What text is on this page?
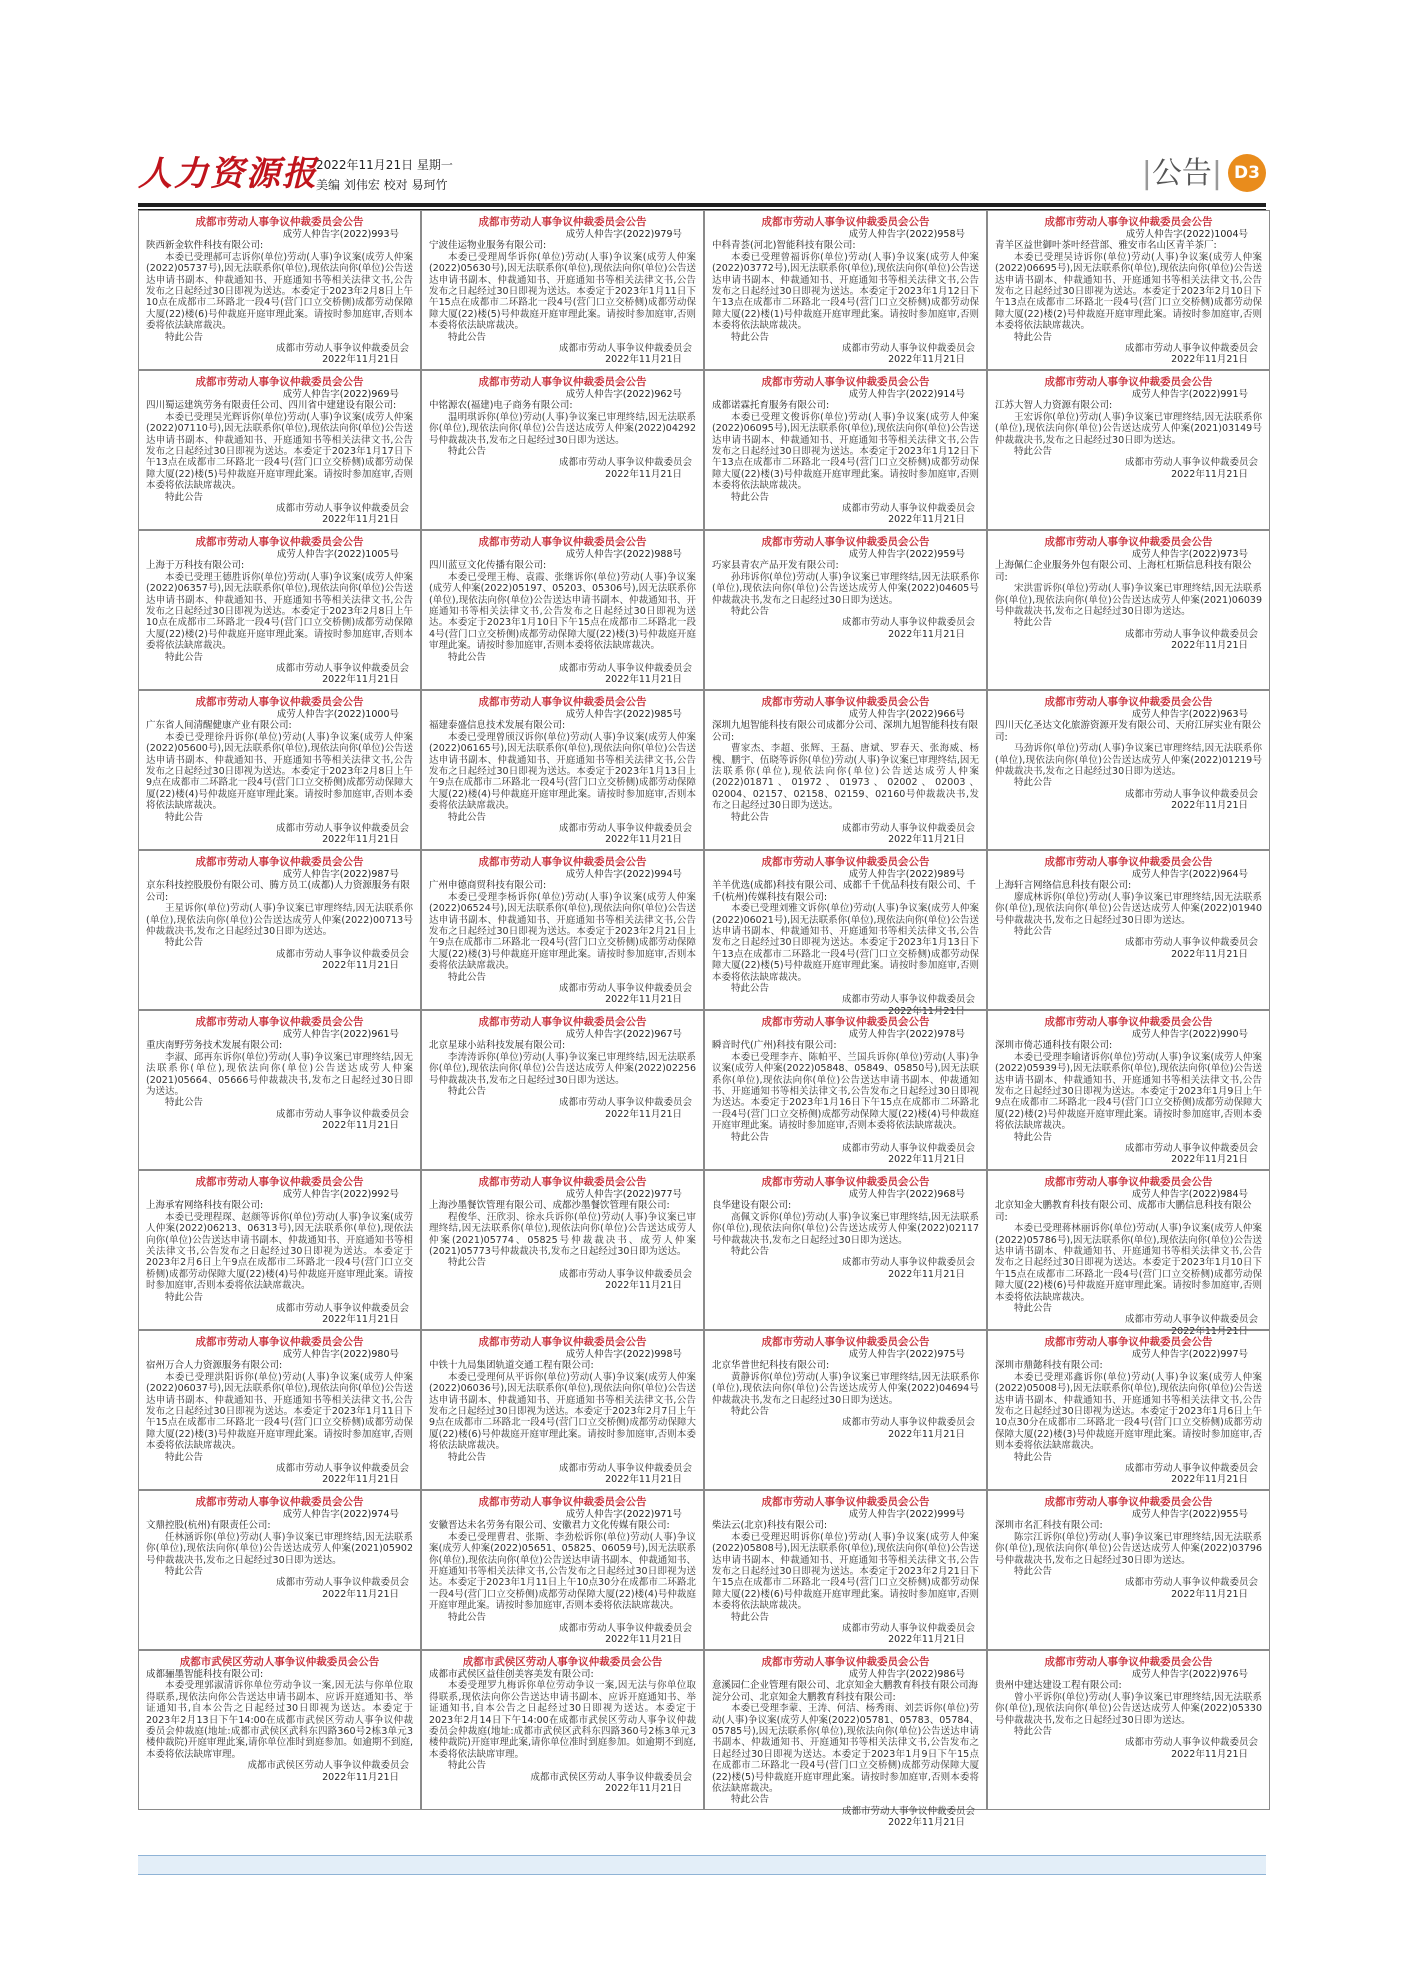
人力资源报
2022年11月21日 星期一
美编 刘伟宏 校对 易珂竹	|公告| D3
成都市劳动人事争议仲裁委员会公告
成劳人仲告字(2022)993号
陕西新金软件科技有限公司:
本委已受理郝可志诉你(单位)劳动(人事)争议案(成劳人仲案(2022)05737号),因无法联系你(单位),现依法向你(单位)公告送达申请书副本、仲裁通知书、开庭通知书等相关法律文书,公告发布之日起经过30日即视为送达。本委定于2023年2月8日上午10点在成都市二环路北一段4号(营门口立交桥侧)成都劳动保障大厦(22)楼(6)号仲裁庭开庭审理此案。请按时参加庭审,否则本委将依法缺席裁决。
特此公告
成都市劳动人事争议仲裁委员会
2022年11月21日
成都市劳动人事争议仲裁委员会公告
成劳人仲告字(2022)979号
宁波佳运物业服务有限公司:
本委已受理周华诉你(单位)劳动(人事)争议案(成劳人仲案(2022)05630号),因无法联系你(单位),现依法向你(单位)公告送达申请书副本、仲裁通知书、开庭通知书等相关法律文书,公告发布之日起经过30日即视为送达。本委定于2023年1月11日下午15点在成都市二环路北一段4号(营门口立交桥侧)成都劳动保障大厦(22)楼(5)号仲裁庭开庭审理此案。请按时参加庭审,否则本委将依法缺席裁决。
特此公告
成都市劳动人事争议仲裁委员会
2022年11月21日
成都市劳动人事争议仲裁委员会公告
成劳人仲告字(2022)958号
中科青荟(河北)智能科技有限公司:
本委已受理曾福诉你(单位)劳动(人事)争议案(成劳人仲案(2022)03772号),因无法联系你(单位),现依法向你(单位)公告送达申请书副本、仲裁通知书、开庭通知书等相关法律文书,公告发布之日起经过30日即视为送达。本委定于2023年1月12日下午13点在成都市二环路北一段4号(营门口立交桥侧)成都劳动保障大厦(22)楼(1)号仲裁庭开庭审理此案。请按时参加庭审,否则本委将依法缺席裁决。
特此公告
成都市劳动人事争议仲裁委员会
2022年11月21日
成都市劳动人事争议仲裁委员会公告
成劳人仲告字(2022)1004号
青羊区益世御叶茶叶经营部、雅安市名山区青羊茶厂:
本委已受理吴诗诉你(单位)劳动(人事)争议案(成劳人仲案(2022)06695号),因无法联系你(单位),现依法向你(单位)公告送达申请书副本、仲裁通知书、开庭通知书等相关法律文书,公告发布之日起经过30日即视为送达。本委定于2023年2月10日下午13点在成都市二环路北一段4号(营门口立交桥侧)成都劳动保障大厦(22)楼(2)号仲裁庭开庭审理此案。请按时参加庭审,否则本委将依法缺席裁决。
特此公告
成都市劳动人事争议仲裁委员会
2022年11月21日
成都市劳动人事争议仲裁委员会公告
成劳人仲告字(2022)969号
四川蜀运建筑劳务有限责任公司、四川省中建建设有限公司:
本委已受理吴光辉诉你(单位)劳动(人事)争议案(成劳人仲案(2022)07110号),因无法联系你(单位),现依法向你(单位)公告送达申请书副本、仲裁通知书、开庭通知书等相关法律文书,公告发布之日起经过30日即视为送达。本委定于2023年1月17日下午13点在成都市二环路北一段4号(营门口立交桥侧)成都劳动保障大厦(22)楼(5)号仲裁庭开庭审理此案。请按时参加庭审,否则本委将依法缺席裁决。
特此公告
成都市劳动人事争议仲裁委员会
2022年11月21日
成都市劳动人事争议仲裁委员会公告
成劳人仲告字(2022)962号
中铭源农(福建)电子商务有限公司:
温明琪诉你(单位)劳动(人事)争议案已审理终结,因无法联系你(单位),现依法向你(单位)公告送达成劳人仲案(2022)04292号仲裁裁决书,发布之日起经过30日即为送达。
特此公告
成都市劳动人事争议仲裁委员会
2022年11月21日
成都市劳动人事争议仲裁委员会公告
成劳人仲告字(2022)914号
成都诺霖托育服务有限公司:
本委已受理文俊诉你(单位)劳动(人事)争议案(成劳人仲案(2022)06095号),因无法联系你(单位),现依法向你(单位)公告送达申请书副本、仲裁通知书、开庭通知书等相关法律文书,公告发布之日起经过30日即视为送达。本委定于2023年1月12日下午13点在成都市二环路北一段4号(营门口立交桥侧)成都劳动保障大厦(22)楼(3)号仲裁庭开庭审理此案。请按时参加庭审,否则本委将依法缺席裁决。
特此公告
成都市劳动人事争议仲裁委员会
2022年11月21日
成都市劳动人事争议仲裁委员会公告
成劳人仲告字(2022)991号
江苏大智人力资源有限公司:
王宏诉你(单位)劳动(人事)争议案已审理终结,因无法联系你(单位),现依法向你(单位)公告送达成劳人仲案(2021)03149号仲裁裁决书,发布之日起经过30日即为送达。
特此公告
成都市劳动人事争议仲裁委员会
2022年11月21日
成都市劳动人事争议仲裁委员会公告
成劳人仲告字(2022)1005号
上海于万科技有限公司:
本委已受理王德胜诉你(单位)劳动(人事)争议案(成劳人仲案(2022)06357号),因无法联系你(单位),现依法向你(单位)公告送达申请书副本、仲裁通知书、开庭通知书等相关法律文书,公告发布之日起经过30日即视为送达。本委定于2023年2月8日上午10点在成都市二环路北一段4号(营门口立交桥侧)成都劳动保障大厦(22)楼(2)号仲裁庭开庭审理此案。请按时参加庭审,否则本委将依法缺席裁决。
特此公告
成都市劳动人事争议仲裁委员会
2022年11月21日
成都市劳动人事争议仲裁委员会公告
成劳人仲告字(2022)988号
四川蓝豆文化传播有限公司:
本委已受理王梅、袁霞、张继诉你(单位)劳动(人事)争议案(成劳人仲案(2022)05197、05203、05306号),因无法联系你(单位),现依法向你(单位)公告送达申请书副本、仲裁通知书、开庭通知书等相关法律文书,公告发布之日起经过30日即视为送达。本委定于2023年1月10日下午15点在成都市二环路北一段4号(营门口立交桥侧)成都劳动保障大厦(22)楼(3)号仲裁庭开庭审理此案。请按时参加庭审,否则本委将依法缺席裁决。
特此公告
成都市劳动人事争议仲裁委员会
2022年11月21日
成都市劳动人事争议仲裁委员会公告
成劳人仲告字(2022)959号
巧家县青农产品开发有限公司:
孙玮诉你(单位)劳动(人事)争议案已审理终结,因无法联系你(单位),现依法向你(单位)公告送达成劳人仲案(2022)04605号仲裁裁决书,发布之日起经过30日即为送达。
特此公告
成都市劳动人事争议仲裁委员会
2022年11月21日
成都市劳动人事争议仲裁委员会公告
成劳人仲告字(2022)973号
上海佩仁企业服务外包有限公司、上海杠杠斯信息科技有限公司:
宋洪雷诉你(单位)劳动(人事)争议案已审理终结,因无法联系你(单位),现依法向你(单位)公告送达成劳人仲案(2021)06039号仲裁裁决书,发布之日起经过30日即为送达。
特此公告
成都市劳动人事争议仲裁委员会
2022年11月21日
成都市劳动人事争议仲裁委员会公告
成劳人仲告字(2022)1000号
广东省人间清醒健康产业有限公司:
本委已受理徐丹诉你(单位)劳动(人事)争议案(成劳人仲案(2022)05600号),因无法联系你(单位),现依法向你(单位)公告送达申请书副本、仲裁通知书、开庭通知书等相关法律文书,公告发布之日起经过30日即视为送达。本委定于2023年2月8日上午9点在成都市二环路北一段4号(营门口立交桥侧)成都劳动保障大厦(22)楼(4)号仲裁庭开庭审理此案。请按时参加庭审,否则本委将依法缺席裁决。
特此公告
成都市劳动人事争议仲裁委员会
2022年11月21日
成都市劳动人事争议仲裁委员会公告
成劳人仲告字(2022)985号
福建泰盛信息技术发展有限公司:
本委已受理曾颀汉诉你(单位)劳动(人事)争议案(成劳人仲案(2022)06165号),因无法联系你(单位),现依法向你(单位)公告送达申请书副本、仲裁通知书、开庭通知书等相关法律文书,公告发布之日起经过30日即视为送达。本委定于2023年1月13日上午9点在成都市二环路北一段4号(营门口立交桥侧)成都劳动保障大厦(22)楼(4)号仲裁庭开庭审理此案。请按时参加庭审,否则本委将依法缺席裁决。
特此公告
成都市劳动人事争议仲裁委员会
2022年11月21日
成都市劳动人事争议仲裁委员会公告
成劳人仲告字(2022)966号
深圳九旭智能科技有限公司成都分公司、深圳九旭智能科技有限公司:
曹家杰、李超、张辉、王磊、唐斌、罗春天、张海威、杨槐、鹏宇、伍晓等诉你(单位)劳动(人事)争议案已审理终结,因无法联系你(单位),现依法向你(单位)公告送达成劳人仲案(2022)01871、01972、01973、02002、02003、02004、02157、02158、02159、02160号仲裁裁决书,发布之日起经过30日即为送达。
特此公告
成都市劳动人事争议仲裁委员会
2022年11月21日
成都市劳动人事争议仲裁委员会公告
成劳人仲告字(2022)963号
四川天亿圣达文化旅游资源开发有限公司、天府江屏实业有限公司:
马劲诉你(单位)劳动(人事)争议案已审理终结,因无法联系你(单位),现依法向你(单位)公告送达成劳人仲案(2022)01219号仲裁裁决书,发布之日起经过30日即为送达。
特此公告
成都市劳动人事争议仲裁委员会
2022年11月21日
成都市劳动人事争议仲裁委员会公告
成劳人仲告字(2022)987号
京东科技控股股份有限公司、腾方员工(成都)人力资源服务有限公司:
王星诉你(单位)劳动(人事)争议案已审理终结,因无法联系你(单位),现依法向你(单位)公告送达成劳人仲案(2022)00713号仲裁裁决书,发布之日起经过30日即为送达。
特此公告
成都市劳动人事争议仲裁委员会
2022年11月21日
成都市劳动人事争议仲裁委员会公告
成劳人仲告字(2022)994号
广州申德商贸科技有限公司:
本委已受理李杨诉你(单位)劳动(人事)争议案(成劳人仲案(2022)06524号),因无法联系你(单位),现依法向你(单位)公告送达申请书副本、仲裁通知书、开庭通知书等相关法律文书,公告发布之日起经过30日即视为送达。本委定于2023年2月21日上午9点在成都市二环路北一段4号(营门口立交桥侧)成都劳动保障大厦(22)楼(3)号仲裁庭开庭审理此案。请按时参加庭审,否则本委将依法缺席裁决。
特此公告
成都市劳动人事争议仲裁委员会
2022年11月21日
成都市劳动人事争议仲裁委员会公告
成劳人仲告字(2022)989号
羊羊优选(成都)科技有限公司、成都千千优品科技有限公司、千千(杭州)传媒科技有限公司:
本委已受理刘雅文诉你(单位)劳动(人事)争议案(成劳人仲案(2022)06021号),因无法联系你(单位),现依法向你(单位)公告送达申请书副本、仲裁通知书、开庭通知书等相关法律文书,公告发布之日起经过30日即视为送达。本委定于2023年1月13日下午13点在成都市二环路北一段4号(营门口立交桥侧)成都劳动保障大厦(22)楼(5)号仲裁庭开庭审理此案。请按时参加庭审,否则本委将依法缺席裁决。
特此公告
成都市劳动人事争议仲裁委员会
2022年11月21日
成都市劳动人事争议仲裁委员会公告
成劳人仲告字(2022)964号
上海轩言网络信息科技有限公司:
廖成林诉你(单位)劳动(人事)争议案已审理终结,因无法联系你(单位),现依法向你(单位)公告送达成劳人仲案(2022)01940号仲裁裁决书,发布之日起经过30日即为送达。
特此公告
成都市劳动人事争议仲裁委员会
2022年11月21日
成都市劳动人事争议仲裁委员会公告
成劳人仲告字(2022)961号
重庆南野劳务技术发展有限公司:
李淑、邱再东诉你(单位)劳动(人事)争议案已审理终结,因无法联系你(单位),现依法向你(单位)公告送达成劳人仲案(2021)05664、05666号仲裁裁决书,发布之日起经过30日即为送达。
特此公告
成都市劳动人事争议仲裁委员会
2022年11月21日
成都市劳动人事争议仲裁委员会公告
成劳人仲告字(2022)967号
北京星球小站科技发展有限公司:
李涛涛诉你(单位)劳动(人事)争议案已审理终结,因无法联系你(单位),现依法向你(单位)公告送达成劳人仲案(2022)02256号仲裁裁决书,发布之日起经过30日即为送达。
特此公告
成都市劳动人事争议仲裁委员会
2022年11月21日
成都市劳动人事争议仲裁委员会公告
成劳人仲告字(2022)978号
瞬音时代(广州)科技有限公司:
本委已受理李卉、陈帕平、兰国兵诉你(单位)劳动(人事)争议案(成劳人仲案(2022)05848、05849、05850号),因无法联系你(单位),现依法向你(单位)公告送达申请书副本、仲裁通知书、开庭通知书等相关法律文书,公告发布之日起经过30日即视为送达。本委定于2023年1月16日下午15点在成都市二环路北一段4号(营门口立交桥侧)成都劳动保障大厦(22)楼(4)号仲裁庭开庭审理此案。请按时参加庭审,否则本委将依法缺席裁决。
特此公告
成都市劳动人事争议仲裁委员会
2022年11月21日
成都市劳动人事争议仲裁委员会公告
成劳人仲告字(2022)990号
深圳市倚芯通科技有限公司:
本委已受理李喻诸诉你(单位)劳动(人事)争议案(成劳人仲案(2022)05939号),因无法联系你(单位),现依法向你(单位)公告送达申请书副本、仲裁通知书、开庭通知书等相关法律文书,公告发布之日起经过30日即视为送达。本委定于2023年1月9日上午9点在成都市二环路北一段4号(营门口立交桥侧)成都劳动保障大厦(22)楼(2)号仲裁庭开庭审理此案。请按时参加庭审,否则本委将依法缺席裁决。
特此公告
成都市劳动人事争议仲裁委员会
2022年11月21日
成都市劳动人事争议仲裁委员会公告
成劳人仲告字(2022)992号
上海承宥网络科技有限公司:
本委已受理程琛、赵颜等诉你(单位)劳动(人事)争议案(成劳人仲案(2022)06213、06313号),因无法联系你(单位),现依法向你(单位)公告送达申请书副本、仲裁通知书、开庭通知书等相关法律文书,公告发布之日起经过30日即视为送达。本委定于2023年2月6日上午9点在成都市二环路北一段4号(营门口立交桥侧)成都劳动保障大厦(22)楼(4)号仲裁庭开庭审理此案。请按时参加庭审,否则本委将依法缺席裁决。
特此公告
成都市劳动人事争议仲裁委员会
2022年11月21日
成都市劳动人事争议仲裁委员会公告
成劳人仲告字(2022)977号
上海沙墨餐饮管理有限公司、成都沙墨餐饮管理有限公司:
程俊华、汪欣羽、徐永兵诉你(单位)劳动(人事)争议案已审理终结,因无法联系你(单位),现依法向你(单位)公告送达成劳人仲案(2021)05774、05825号仲裁裁决书、成劳人仲案(2021)05773号仲裁裁决书,发布之日起经过30日即为送达。
特此公告
成都市劳动人事争议仲裁委员会
2022年11月21日
成都市劳动人事争议仲裁委员会公告
成劳人仲告字(2022)968号
良华建设有限公司:
高佩文诉你(单位)劳动(人事)争议案已审理终结,因无法联系你(单位),现依法向你(单位)公告送达成劳人仲案(2022)02117号仲裁裁决书,发布之日起经过30日即为送达。
特此公告
成都市劳动人事争议仲裁委员会
2022年11月21日
成都市劳动人事争议仲裁委员会公告
成劳人仲告字(2022)984号
北京知金大鹏教育科技有限公司、成都市大鹏信息科技有限公司:
本委已受理蒋林丽诉你(单位)劳动(人事)争议案(成劳人仲案(2022)05786号),因无法联系你(单位),现依法向你(单位)公告送达申请书副本、仲裁通知书、开庭通知书等相关法律文书,公告发布之日起经过30日即视为送达。本委定于2023年1月10日下午15点在成都市二环路北一段4号(营门口立交桥侧)成都劳动保障大厦(22)楼(6)号仲裁庭开庭审理此案。请按时参加庭审,否则本委将依法缺席裁决。
特此公告
成都市劳动人事争议仲裁委员会
2022年11月21日
成都市劳动人事争议仲裁委员会公告
成劳人仲告字(2022)980号
宿州万合人力资源服务有限公司:
本委已受理洪阳诉你(单位)劳动(人事)争议案(成劳人仲案(2022)06037号),因无法联系你(单位),现依法向你(单位)公告送达申请书副本、仲裁通知书、开庭通知书等相关法律文书,公告发布之日起经过30日即视为送达。本委定于2023年1月11日下午15点在成都市二环路北一段4号(营门口立交桥侧)成都劳动保障大厦(22)楼(3)号仲裁庭开庭审理此案。请按时参加庭审,否则本委将依法缺席裁决。
特此公告
成都市劳动人事争议仲裁委员会
2022年11月21日
成都市劳动人事争议仲裁委员会公告
成劳人仲告字(2022)998号
中铁十九局集团轨道交通工程有限公司:
本委已受理何从平诉你(单位)劳动(人事)争议案(成劳人仲案(2022)06036号),因无法联系你(单位),现依法向你(单位)公告送达申请书副本、仲裁通知书、开庭通知书等相关法律文书,公告发布之日起经过30日即视为送达。本委定于2023年2月7日上午9点在成都市二环路北一段4号(营门口立交桥侧)成都劳动保障大厦(22)楼(6)号仲裁庭开庭审理此案。请按时参加庭审,否则本委将依法缺席裁决。
特此公告
成都市劳动人事争议仲裁委员会
2022年11月21日
成都市劳动人事争议仲裁委员会公告
成劳人仲告字(2022)975号
北京华普世纪科技有限公司:
黄静诉你(单位)劳动(人事)争议案已审理终结,因无法联系你(单位),现依法向你(单位)公告送达成劳人仲案(2022)04694号仲裁裁决书,发布之日起经过30日即为送达。
特此公告
成都市劳动人事争议仲裁委员会
2022年11月21日
成都市劳动人事争议仲裁委员会公告
成劳人仲告字(2022)997号
深圳市鼎懿科技有限公司:
本委已受理邓鑫诉你(单位)劳动(人事)争议案(成劳人仲案(2022)05008号),因无法联系你(单位),现依法向你(单位)公告送达申请书副本、仲裁通知书、开庭通知书等相关法律文书,公告发布之日起经过30日即视为送达。本委定于2023年1月6日上午10点30分在成都市二环路北一段4号(营门口立交桥侧)成都劳动保障大厦(22)楼(3)号仲裁庭开庭审理此案。请按时参加庭审,否则本委将依法缺席裁决。
特此公告
成都市劳动人事争议仲裁委员会
2022年11月21日
成都市劳动人事争议仲裁委员会公告
成劳人仲告字(2022)974号
文鼎控股(杭州)有限责任公司:
任林涵诉你(单位)劳动(人事)争议案已审理终结,因无法联系你(单位),现依法向你(单位)公告送达成劳人仲案(2021)05902号仲裁裁决书,发布之日起经过30日即为送达。
特此公告
成都市劳动人事争议仲裁委员会
2022年11月21日
成都市劳动人事争议仲裁委员会公告
成劳人仲告字(2022)971号
安徽晋达未名劳务有限公司、安徽君力文化传媒有限公司:
本委已受理曹君、张斯、李劲松诉你(单位)劳动(人事)争议案(成劳人仲案(2022)05651、05825、06059号),因无法联系你(单位),现依法向你(单位)公告送达申请书副本、仲裁通知书、开庭通知书等相关法律文书,公告发布之日起经过30日即视为送达。本委定于2023年1月11日上午10点30分在成都市二环路北一段4号(营门口立交桥侧)成都劳动保障大厦(22)楼(4)号仲裁庭开庭审理此案。请按时参加庭审,否则本委将依法缺席裁决。
特此公告
成都市劳动人事争议仲裁委员会
2022年11月21日
成都市劳动人事争议仲裁委员会公告
成劳人仲告字(2022)999号
柴法云(北京)科技有限公司:
本委已受理迟明诉你(单位)劳动(人事)争议案(成劳人仲案(2022)05808号),因无法联系你(单位),现依法向你(单位)公告送达申请书副本、仲裁通知书、开庭通知书等相关法律文书,公告发布之日起经过30日即视为送达。本委定于2023年2月21日下午15点在成都市二环路北一段4号(营门口立交桥侧)成都劳动保障大厦(22)楼(6)号仲裁庭开庭审理此案。请按时参加庭审,否则本委将依法缺席裁决。
特此公告
成都市劳动人事争议仲裁委员会
2022年11月21日
成都市劳动人事争议仲裁委员会公告
成劳人仲告字(2022)955号
深圳市名汇科技有限公司:
陈宗江诉你(单位)劳动(人事)争议案已审理终结,因无法联系你(单位),现依法向你(单位)公告送达成劳人仲案(2022)03796号仲裁裁决书,发布之日起经过30日即为送达。
特此公告
成都市劳动人事争议仲裁委员会
2022年11月21日
成都市武侯区劳动人事争议仲裁委员会公告
成都骊墨智能科技有限公司:
本委受理郭淑清诉你单位劳动争议一案,因无法与你单位取得联系,现依法向你公告送达申请书副本、应诉开庭通知书、举证通知书,自本公告之日起经过30日即视为送达。本委定于2023年2月13日下午14:00在成都市武侯区劳动人事争议仲裁委员会仲裁庭(地址:成都市武侯区武科东四路360号2栋3单元3楼仲裁院)开庭审理此案,请你单位准时到庭参加。如逾期不到庭,本委将依法缺席审理。
成都市武侯区劳动人事争议仲裁委员会
2022年11月21日
成都市武侯区劳动人事争议仲裁委员会公告
成都市武侯区益佳创美容美发有限公司:
本委受理罗九梅诉你单位劳动争议一案,因无法与你单位取得联系,现依法向你公告送达申请书副本、应诉开庭通知书、举证通知书,自本公告之日起经过30日即视为送达。本委定于2023年2月14日下午14:00在成都市武侯区劳动人事争议仲裁委员会仲裁庭(地址:成都市武侯区武科东四路360号2栋3单元3楼仲裁院)开庭审理此案,请你单位准时到庭参加。如逾期不到庭,本委将依法缺席审理。
特此公告
成都市武侯区劳动人事争议仲裁委员会
2022年11月21日
成都市劳动人事争议仲裁委员会公告
成劳人仲告字(2022)986号
意溪园仁企业管理有限公司、北京知金大鹏教育科技有限公司海淀分公司、北京知金大鹏教育科技有限公司:
本委已受理李蒙、王涛、何洁、杨秀雨、刘芸诉你(单位)劳动(人事)争议案(成劳人仲案(2022)05781、05783、05784、05785号),因无法联系你(单位),现依法向你(单位)公告送达申请书副本、仲裁通知书、开庭通知书等相关法律文书,公告发布之日起经过30日即视为送达。本委定于2023年1月9日下午15点在成都市二环路北一段4号(营门口立交桥侧)成都劳动保障大厦(22)楼(5)号仲裁庭开庭审理此案。请按时参加庭审,否则本委将依法缺席裁决。
特此公告
成都市劳动人事争议仲裁委员会
2022年11月21日
成都市劳动人事争议仲裁委员会公告
成劳人仲告字(2022)976号
贵州中建达建设工程有限公司:
曾小平诉你(单位)劳动(人事)争议案已审理终结,因无法联系你(单位),现依法向你(单位)公告送达成劳人仲案(2022)05330号仲裁裁决书,发布之日起经过30日即为送达。
特此公告
成都市劳动人事争议仲裁委员会
2022年11月21日
